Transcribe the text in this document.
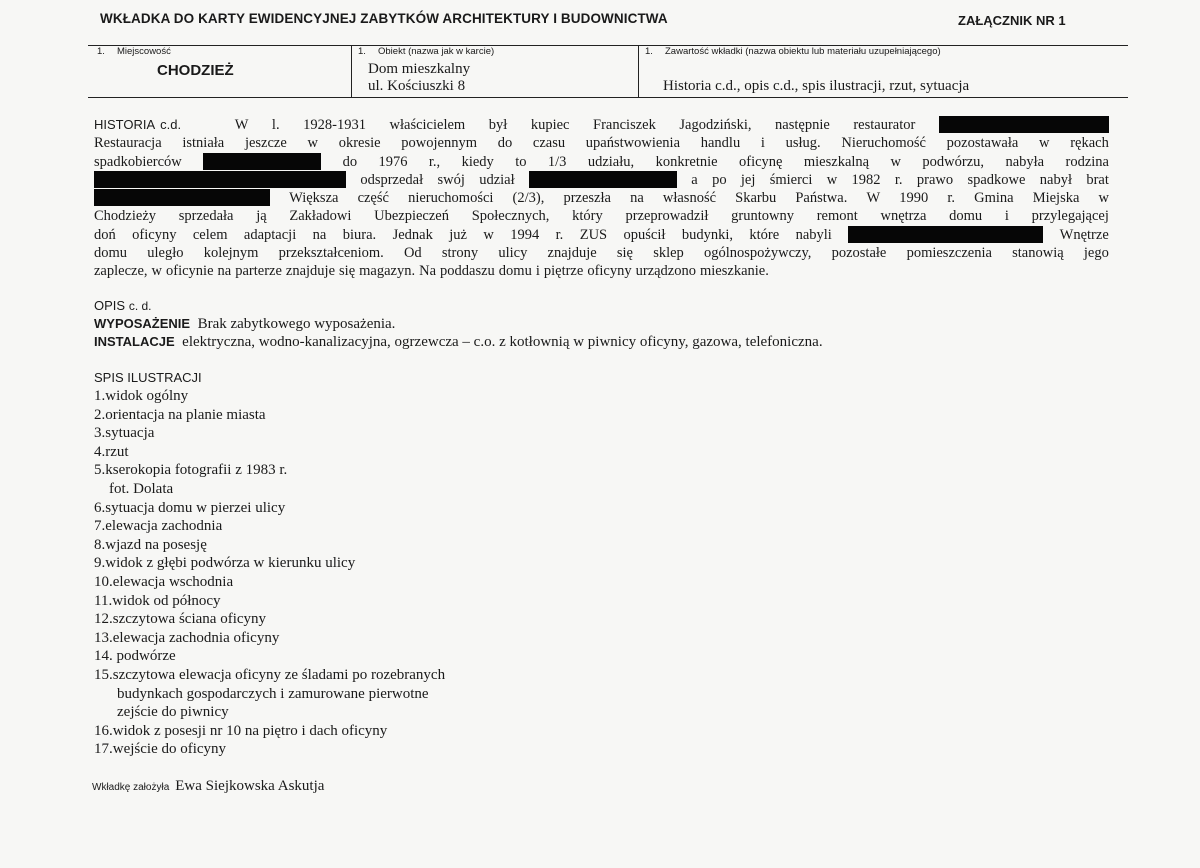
WKŁADKA DO KARTY EWIDENCYJNEJ ZABYTKÓW ARCHITEKTURY I BUDOWNICTWA	ZAŁĄCZNIK NR 1
1. Miejscowość
CHODZIEŻ
1. Obiekt (nazwa jak w karcie)
Dom mieszkalny
ul. Kościuszki 8
1. Zawartość wkładki (nazwa obiektu lub materiału uzupełniającego)
Historia c.d., opis c.d., spis ilustracji, rzut, sytuacja
HISTORIA c.d.	W l. 1928-1931 właścicielem był kupiec Franciszek Jagodziński, następnie restaurator
Restauracja istniała jeszcze w okresie powojennym do czasu upaństwowienia handlu i usług. Nieruchomość pozostawała w rękach
spadkobierców	do 1976 r., kiedy to 1/3 udziału, konkretnie oficynę mieszkalną w podwórzu, nabyła rodzina
odsprzedał swój udział	a po jej śmierci w 1982 r. prawo spadkowe nabył brat
Większa część nieruchomości (2/3), przeszła na własność Skarbu Państwa. W 1990 r. Gmina Miejska w
Chodzieży sprzedała ją Zakładowi Ubezpieczeń Społecznych, który przeprowadził gruntowny remont wnętrza domu i przylegającej
doń oficyny celem adaptacji na biura. Jednak już w 1994 r. ZUS opuścił budynki, które nabyli	Wnętrze
domu uległo kolejnym przekształceniom. Od strony ulicy znajduje się sklep ogólnospożywczy, pozostałe pomieszczenia stanowią jego
zaplecze, w oficynie na parterze znajduje się magazyn. Na poddaszu domu i piętrze oficyny urządzono mieszkanie.
OPIS c. d.
WYPOSAŻENIE Brak zabytkowego wyposażenia.
INSTALACJE elektryczna, wodno-kanalizacyjna, ogrzewcza – c.o. z kotłownią w piwnicy oficyny, gazowa, telefoniczna.
SPIS ILUSTRACJI
1.widok ogólny
2.orientacja na planie miasta
3.sytuacja
4.rzut
5.kserokopia fotografii z 1983 r.
fot. Dolata
6.sytuacja domu w pierzei ulicy
7.elewacja zachodnia
8.wjazd na posesję
9.widok z głębi podwórza w kierunku ulicy
10.elewacja wschodnia
11.widok od północy
12.szczytowa ściana oficyny
13.elewacja zachodnia oficyny
14. podwórze
15.szczytowa elewacja oficyny ze śladami po rozebranych
budynkach gospodarczych i zamurowane pierwotne
zejście do piwnicy
16.widok z posesji nr 10 na piętro i dach oficyny
17.wejście do oficyny
Wkładkę założyła Ewa Siejkowska Askutja
